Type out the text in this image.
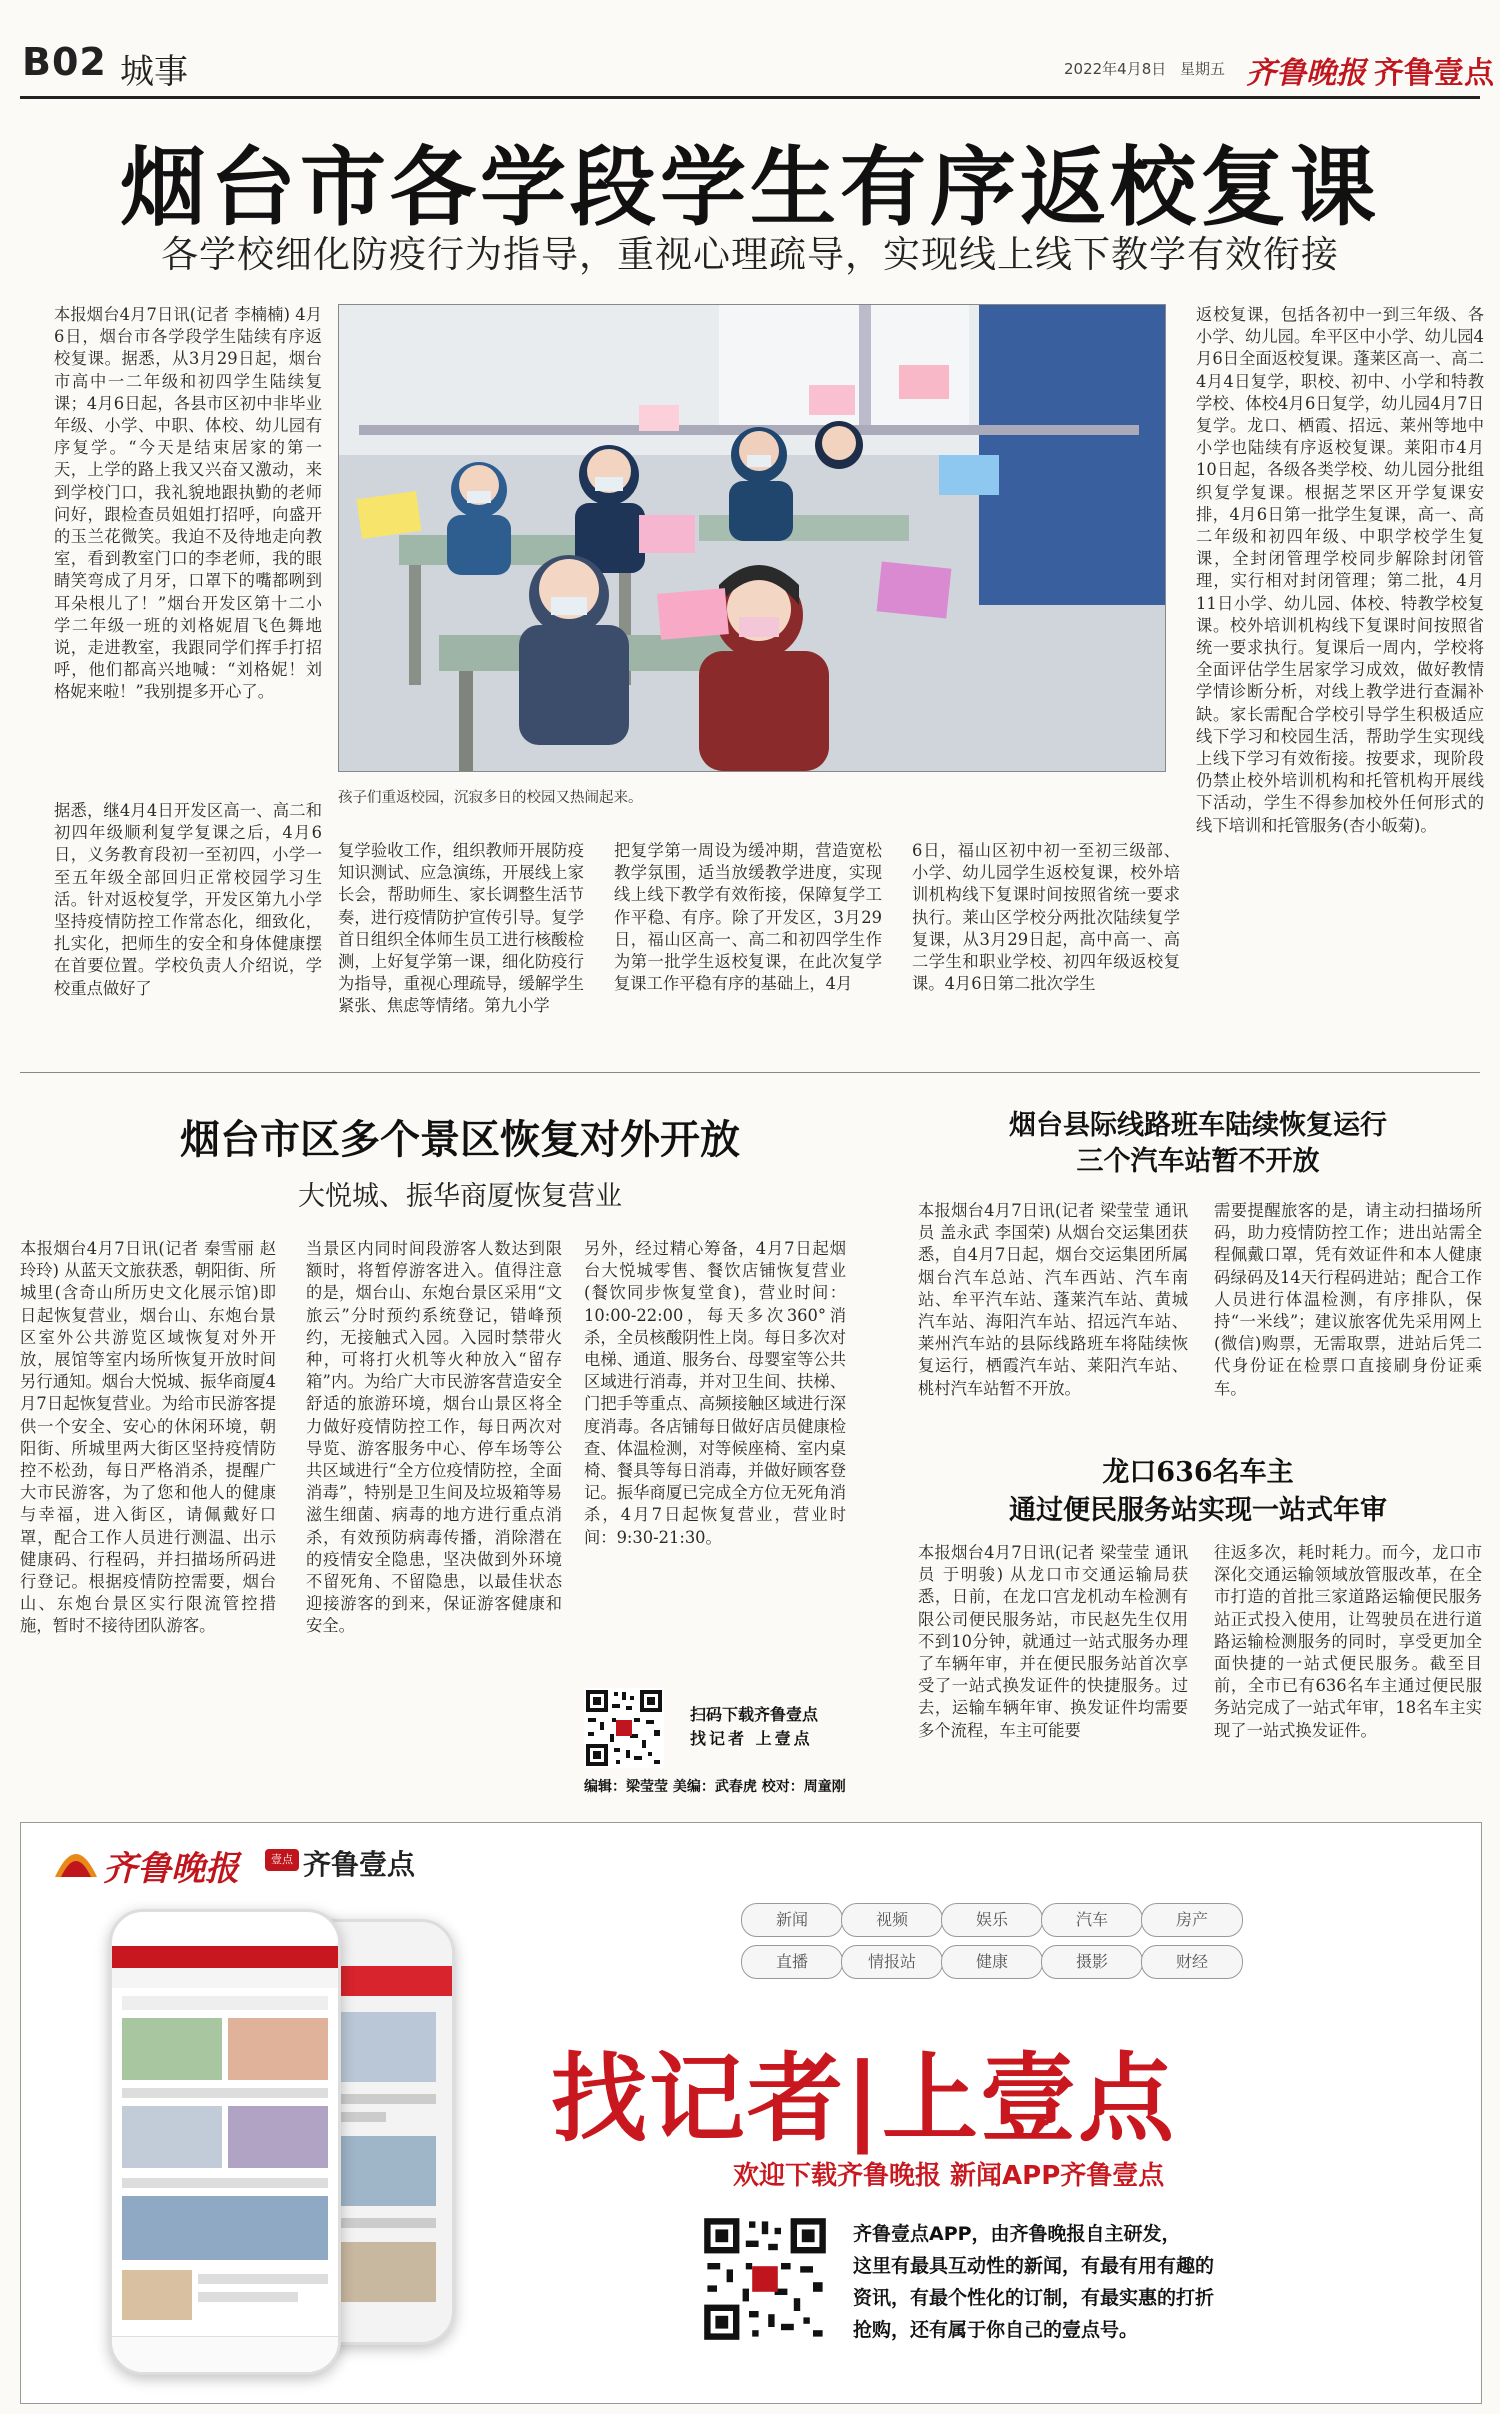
B02 城事	2022年4月8日 星期五 齐鲁晚报 齐鲁壹点
烟台市各学段学生有序返校复课
各学校细化防疫行为指导，重视心理疏导，实现线上线下教学有效衔接

本报烟台4月7日讯(记者 李楠楠) 4月6日，烟台市各学段学生陆续有序返校复课。据悉，从3月29日起，烟台市高中一二年级和初四学生陆续复课；4月6日起，各县市区初中非毕业年级、小学、中职、体校、幼儿园有序复学。“今天是结束居家的第一天，上学的路上我又兴奋又激动，来到学校门口，我礼貌地跟执勤的老师问好，跟检查员姐姐打招呼，向盛开的玉兰花微笑。我迫不及待地走向教室，看到教室门口的李老师，我的眼睛笑弯成了月牙，口罩下的嘴都咧到耳朵根儿了！”烟台开发区第十二小学二年级一班的刘格妮眉飞色舞地说，走进教室，我跟同学们挥手打招呼，他们都高兴地喊：“刘格妮！刘格妮来啦！”我别提多开心了。

据悉，继4月4日开发区高一、高二和初四年级顺利复学复课之后，4月6日，义务教育段初一至初四，小学一至五年级全部回归正常校园学习生活。针对返校复学，开发区第九小学坚持疫情防控工作常态化，细致化，扎实化，把师生的安全和身体健康摆在首要位置。学校负责人介绍说，学校重点做好了

孩子们重返校园，沉寂多日的校园又热闹起来。

复学验收工作，组织教师开展防疫知识测试、应急演练，开展线上家长会，帮助师生、家长调整生活节奏，进行疫情防护宣传引导。复学首日组织全体师生员工进行核酸检测，上好复学第一课，细化防疫行为指导，重视心理疏导，缓解学生紧张、焦虑等情绪。第九小学

把复学第一周设为缓冲期，营造宽松教学氛围，适当放缓教学进度，实现线上线下教学有效衔接，保障复学工作平稳、有序。除了开发区，3月29日，福山区高一、高二和初四学生作为第一批学生返校复课，在此次复学复课工作平稳有序的基础上，4月

6日，福山区初中初一至初三级部、小学、幼儿园学生返校复课，校外培训机构线下复课时间按照省统一要求执行。莱山区学校分两批次陆续复学复课，从3月29日起，高中高一、高二学生和职业学校、初四年级返校复课。4月6日第二批次学生

返校复课，包括各初中一到三年级、各小学、幼儿园。牟平区中小学、幼儿园4月6日全面返校复课。蓬莱区高一、高二4月4日复学，职校、初中、小学和特教学校、体校4月6日复学，幼儿园4月7日复学。龙口、栖霞、招远、莱州等地中小学也陆续有序返校复课。莱阳市4月10日起，各级各类学校、幼儿园分批组织复学复课。根据芝罘区开学复课安排，4月6日第一批学生复课，高一、高二年级和初四年级、中职学校学生复课，全封闭管理学校同步解除封闭管理，实行相对封闭管理；第二批，4月11日小学、幼儿园、体校、特教学校复课。校外培训机构线下复课时间按照省统一要求执行。复课后一周内，学校将全面评估学生居家学习成效，做好教情学情诊断分析，对线上教学进行查漏补缺。家长需配合学校引导学生积极适应线下学习和校园生活，帮助学生实现线上线下学习有效衔接。按要求，现阶段仍禁止校外培训机构和托管机构开展线下活动，学生不得参加校外任何形式的线下培训和托管服务(杏小皈菊)。

烟台市区多个景区恢复对外开放
大悦城、振华商厦恢复营业

本报烟台4月7日讯(记者 秦雪丽 赵玲玲) 从蓝天文旅获悉，朝阳街、所城里(含奇山所历史文化展示馆)即日起恢复营业，烟台山、东炮台景区室外公共游览区域恢复对外开放，展馆等室内场所恢复开放时间另行通知。烟台大悦城、振华商厦4月7日起恢复营业。为给市民游客提供一个安全、安心的休闲环境，朝阳街、所城里两大街区坚持疫情防控不松劲，每日严格消杀，提醒广大市民游客，为了您和他人的健康与幸福，进入街区，请佩戴好口罩，配合工作人员进行测温、出示健康码、行程码，并扫描场所码进行登记。根据疫情防控需要，烟台山、东炮台景区实行限流管控措施，暂时不接待团队游客。

当景区内同时间段游客人数达到限额时，将暂停游客进入。值得注意的是，烟台山、东炮台景区采用“文旅云”分时预约系统登记，错峰预约，无接触式入园。入园时禁带火种，可将打火机等火种放入“留存箱”内。为给广大市民游客营造安全舒适的旅游环境，烟台山景区将全力做好疫情防控工作，每日两次对导览、游客服务中心、停车场等公共区域进行“全方位疫情防控，全面消毒”，特别是卫生间及垃圾箱等易滋生细菌、病毒的地方进行重点消杀，有效预防病毒传播，消除潜在的疫情安全隐患，坚决做到外环境不留死角、不留隐患，以最佳状态迎接游客的到来，保证游客健康和安全。

另外，经过精心筹备，4月7日起烟台大悦城零售、餐饮店铺恢复营业(餐饮同步恢复堂食)，营业时间：10:00-22:00，每天多次360°消杀，全员核酸阴性上岗。每日多次对电梯、通道、服务台、母婴室等公共区域进行消毒，并对卫生间、扶梯、门把手等重点、高频接触区域进行深度消毒。各店铺每日做好店员健康检查、体温检测，对等候座椅、室内桌椅、餐具等每日消毒，并做好顾客登记。振华商厦已完成全方位无死角消杀，4月7日起恢复营业，营业时间：9:30-21:30。

扫码下载齐鲁壹点
找记者 上壹点
编辑：梁莹莹 美编：武春虎 校对：周童刚
烟台县际线路班车陆续恢复运行
三个汽车站暂不开放

本报烟台4月7日讯(记者 梁莹莹 通讯员 盖永武 李国荣) 从烟台交运集团获悉，自4月7日起，烟台交运集团所属烟台汽车总站、汽车西站、汽车南站、牟平汽车站、蓬莱汽车站、黄城汽车站、海阳汽车站、招远汽车站、莱州汽车站的县际线路班车将陆续恢复运行，栖霞汽车站、莱阳汽车站、桃村汽车站暂不开放。

需要提醒旅客的是，请主动扫描场所码，助力疫情防控工作；进出站需全程佩戴口罩，凭有效证件和本人健康码绿码及14天行程码进站；配合工作人员进行体温检测，有序排队，保持“一米线”；建议旅客优先采用网上(微信)购票，无需取票，进站后凭二代身份证在检票口直接刷身份证乘车。

龙口636名车主
通过便民服务站实现一站式年审

本报烟台4月7日讯(记者 梁莹莹 通讯员 于明骏) 从龙口市交通运输局获悉，日前，在龙口宫龙机动车检测有限公司便民服务站，市民赵先生仅用不到10分钟，就通过一站式服务办理了车辆年审，并在便民服务站首次享受了一站式换发证件的快捷服务。过去，运输车辆年审、换发证件均需要多个流程，车主可能要

往返多次，耗时耗力。而今，龙口市深化交通运输领域放管服改革，在全市打造的首批三家道路运输便民服务站正式投入使用，让驾驶员在进行道路运输检测服务的同时，享受更加全面快捷的一站式便民服务。截至目前，全市已有636名车主通过便民服务站完成了一站式年审，18名车主实现了一站式换发证件。

齐鲁晚报	壹点 齐鲁壹点
新闻	视频	娱乐	汽车	房产
直播	情报站	健康	摄影	财经
找记者|上壹点
欢迎下载齐鲁晚报 新闻APP齐鲁壹点
齐鲁壹点APP，由齐鲁晚报自主研发，
这里有最具互动性的新闻，有最有用有趣的
资讯，有最个性化的订制，有最实惠的打折
抢购，还有属于你自己的壹点号。
